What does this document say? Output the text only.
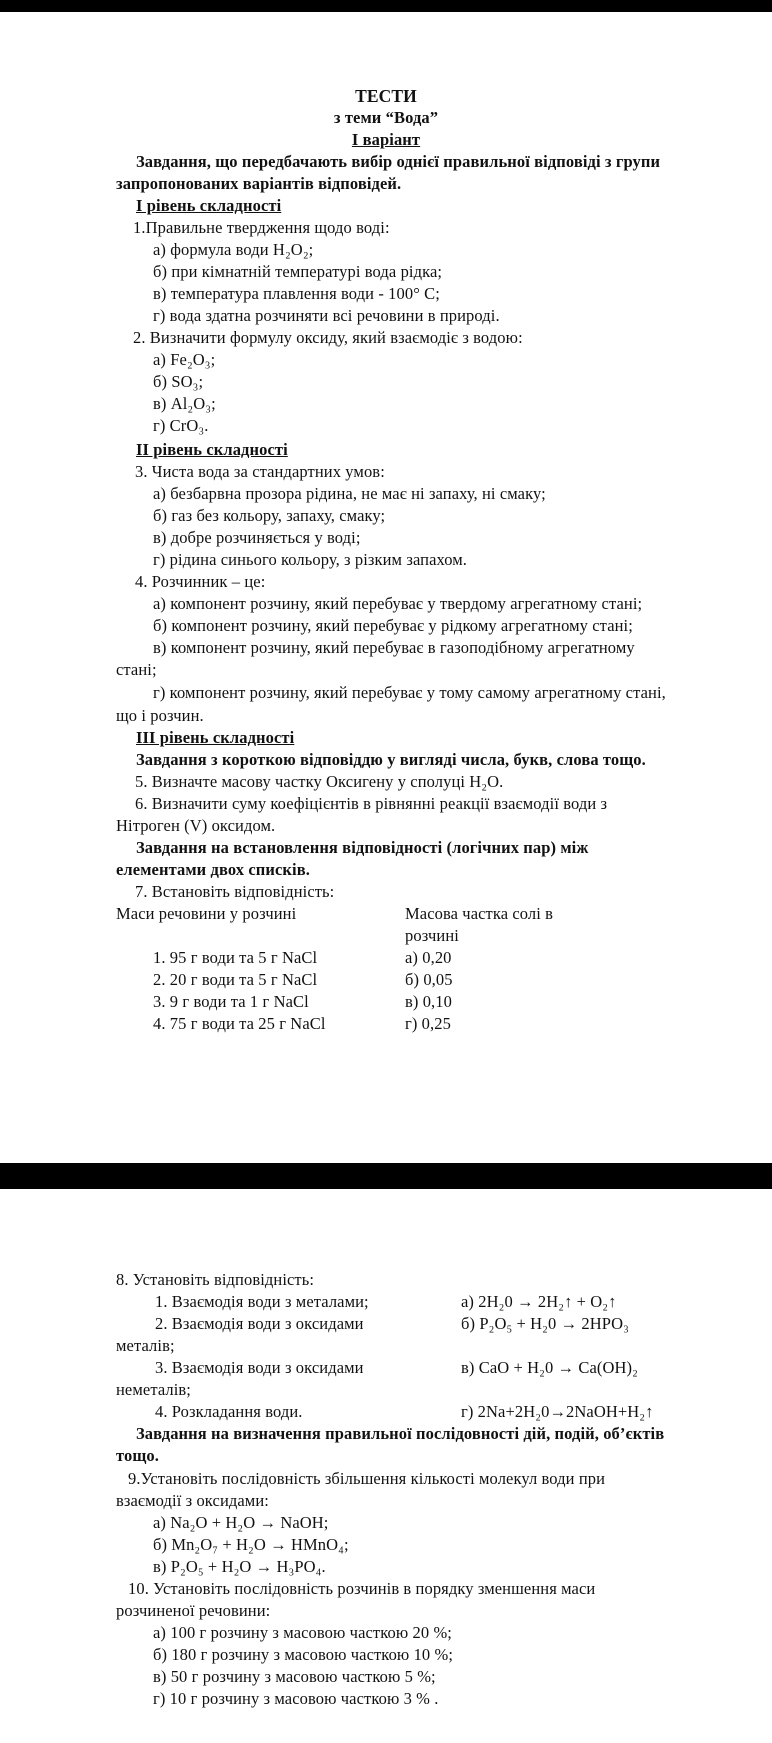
ТЕСТИ
з теми “Вода”
І варіант
Завдання, що передбачають вибір однієї правильної відповіді з групи
запропонованих варіантів відповідей.
І рівень складності
1.Правильне твердження щодо воді:
а) формула води H₂O₂;
б) при кімнатній температурі вода рідка;
в) температура плавлення води - 100° C;
г) вода здатна розчиняти всі речовини в природі.
2. Визначити формулу оксиду, який взаємодіє з водою:
а) Fe₂O₃;
б) SO₃;
в) Al₂O₃;
г) CrO₃.
ІІ рівень складності
3. Чиста вода за стандартних умов:
а) безбарвна прозора рідина, не має ні запаху, ні смаку;
б) газ без кольору, запаху, смаку;
в) добре розчиняється у воді;
г) рідина синього кольору, з різким запахом.
4. Розчинник – це:
а) компонент розчину, який перебуває у твердому агрегатному стані;
б) компонент розчину, який перебуває у рідкому агрегатному стані;
в) компонент розчину, який перебуває в газоподібному агрегатному
стані;
г) компонент розчину, який перебуває у тому самому агрегатному стані,
що і розчин.
ІІІ рівень складності
Завдання з короткою відповіддю у вигляді числа, букв, слова тощо.
5. Визначте масову частку Оксигену у сполуці H₂O.
6. Визначити суму коефіцієнтів в рівнянні реакції взаємодії води з
Нітроген (V) оксидом.
Завдання на встановлення відповідності (логічних пар) між
елементами двох списків.
7. Встановіть відповідність:
Маси речовини у розчині	Масова частка солі в
розчині
1. 95 г води та 5 г NaCl	а) 0,20
2. 20 г води та 5 г NaCl	б) 0,05
3. 9 г води та 1 г NaCl	в) 0,10
4. 75 г води та 25 г NaCl	г) 0,25
8. Установіть відповідність:
1. Взаємодія води з металами;	а) 2H₂0 → 2H₂↑ + O₂↑
2. Взаємодія води з оксидами	б) P₂O₅ + H₂0 → 2HPO₃
металів;
3. Взаємодія води з оксидами	в) CaO + H₂0 → Ca(OH)₂
неметалів;
4. Розкладання води.	г) 2Na+2H₂0→2NaOH+H₂↑
Завдання на визначення правильної послідовності дій, подій, об’єктів
тощо.
9.Установіть послідовність збільшення кількості молекул води при
взаємодії з оксидами:
а) Na₂O + H₂O → NaOH;
б) Mn₂O₇ + H₂O → HMnO₄;
в) P₂O₅ + H₂O → H₃PO₄.
10. Установіть послідовність розчинів в порядку зменшення маси
розчиненої речовини:
а) 100 г розчину з масовою часткою 20 %;
б) 180 г розчину з масовою часткою 10 %;
в) 50 г розчину з масовою часткою 5 %;
г) 10 г розчину з масовою часткою 3 % .
